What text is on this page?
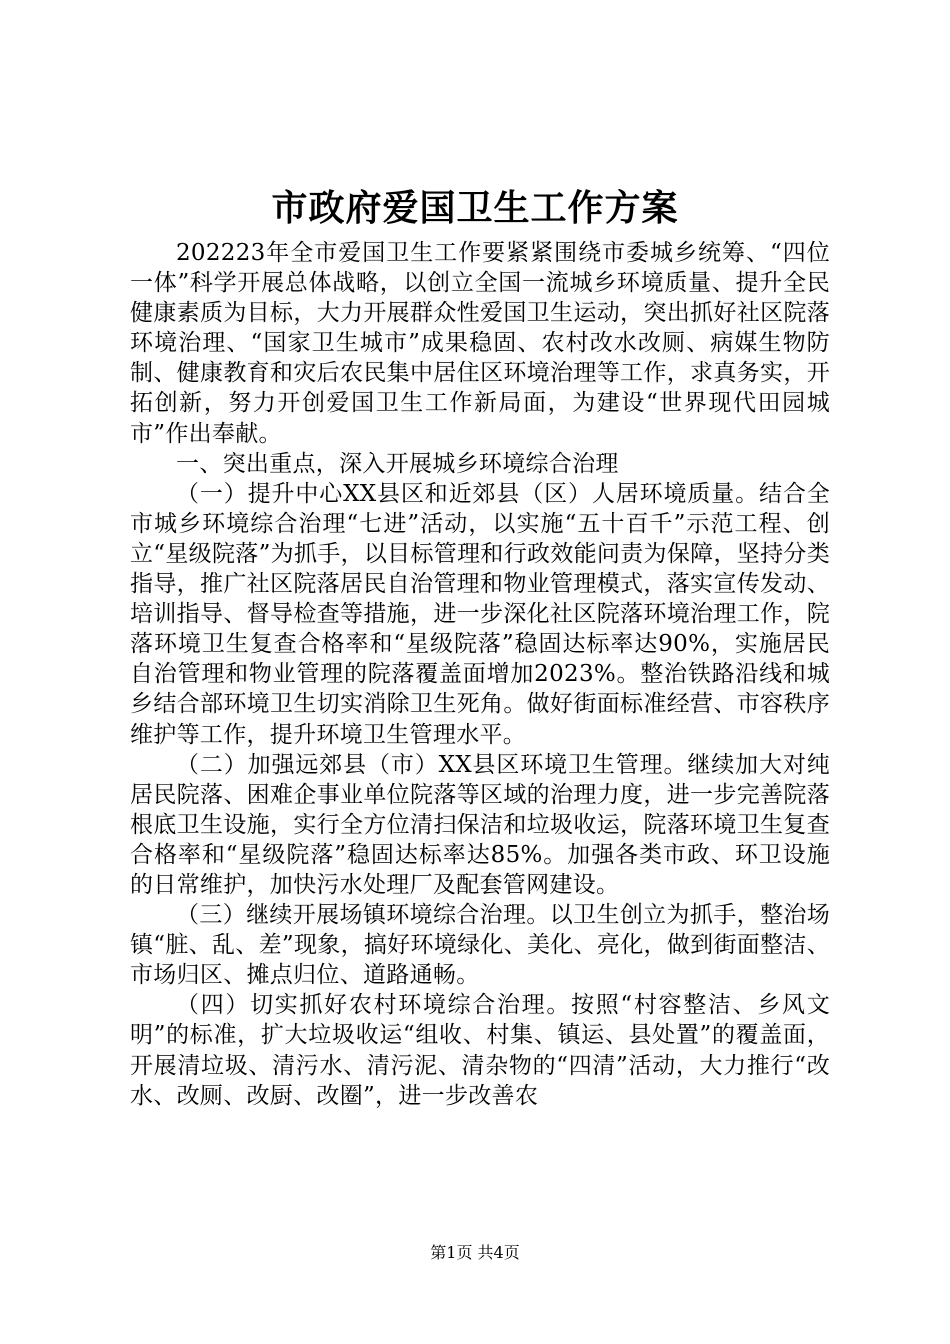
市政府爱国卫生工作方案

202223年全市爱国卫生工作要紧紧围绕市委城乡统筹、“四位一体”科学开展总体战略，以创立全国一流城乡环境质量、提升全民健康素质为目标，大力开展群众性爱国卫生运动，突出抓好社区院落环境治理、“国家卫生城市”成果稳固、农村改水改厕、病媒生物防制、健康教育和灾后农民集中居住区环境治理等工作，求真务实，开拓创新，努力开创爱国卫生工作新局面，为建设“世界现代田园城市”作出奉献。

一、突出重点，深入开展城乡环境综合治理

（一）提升中心XX县区和近郊县（区）人居环境质量。结合全市城乡环境综合治理“七进”活动，以实施“五十百千”示范工程、创立“星级院落”为抓手，以目标管理和行政效能问责为保障，坚持分类指导，推广社区院落居民自治管理和物业管理模式，落实宣传发动、培训指导、督导检查等措施，进一步深化社区院落环境治理工作，院落环境卫生复查合格率和“星级院落”稳固达标率达90%，实施居民自治管理和物业管理的院落覆盖面增加2023%。整治铁路沿线和城乡结合部环境卫生切实消除卫生死角。做好街面标准经营、市容秩序维护等工作，提升环境卫生管理水平。

（二）加强远郊县（市）XX县区环境卫生管理。继续加大对纯居民院落、困难企事业单位院落等区域的治理力度，进一步完善院落根底卫生设施，实行全方位清扫保洁和垃圾收运，院落环境卫生复查合格率和“星级院落”稳固达标率达85%。加强各类市政、环卫设施的日常维护，加快污水处理厂及配套管网建设。

（三）继续开展场镇环境综合治理。以卫生创立为抓手，整治场镇“脏、乱、差”现象，搞好环境绿化、美化、亮化，做到街面整洁、市场归区、摊点归位、道路通畅。

（四）切实抓好农村环境综合治理。按照“村容整洁、乡风文明”的标准，扩大垃圾收运“组收、村集、镇运、县处置”的覆盖面，开展清垃圾、清污水、清污泥、清杂物的“四清”活动，大力推行“改水、改厕、改厨、改圈”，进一步改善农

第1页 共4页
